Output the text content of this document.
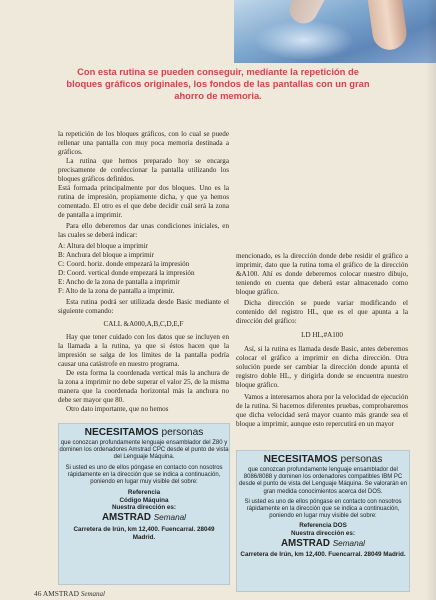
Con esta rutina se pueden conseguir, mediante la repetición de bloques gráficos originales, los fondos de las pantallas con un gran ahorro de memoria.

la repetición de los bloques gráficos, con lo cual se puede rellenar una pantalla con muy poca memoria destinada a gráficos.

La rutina que hemos preparado hoy se encarga precisamente de confeccionar la pantalla utilizando los bloques gráficos definidos.

Está formada principalmente por dos bloques. Uno es la rutina de impresión, propiamente dicha, y que ya hemos comentado. El otro es el que debe decidir cuál será la zona de pantalla a imprimir.

Para ello deberemos dar unas condiciones iniciales, en las cuales se deberá indicar:

A: Altura del bloque a imprimir
B: Anchura del bloque a imprimir
C: Coord. horiz. donde empezará la impresión
D: Coord. vertical donde empezará la impresión
E: Ancho de la zona de pantalla a imprimir
F: Alto de la zona de pantalla a imprimir.

Esta rutina podrá ser utilizada desde Basic mediante el siguiente comando:

CALL &A000,A,B,C,D,E,F

Hay que tener cuidado con los datos que se incluyen en la llamada a la rutina, ya que si éstos hacen que la impresión se salga de los límites de la pantalla podría causar una catástrofe en nuestro programa.

De esta forma la coordenada vertical más la anchura de la zona a imprimir no debe superar el valor 25, de la misma manera que la coordenada horizontal más la anchura no debe ser mayor que 80.

Otro dato importante, que no hemos

mencionado, es la dirección donde debe residir el gráfico a imprimir, dato que la rutina toma el gráfico de la dirección &A100. Ahí es donde deberemos colocar nuestro dibujo, teniendo en cuenta que deberá estar almacenado como bloque gráfico.

Dicha dirección se puede variar modificando el contenido del registro HL, que es el que apunta a la dirección del gráfico:

LD HL,#A100

Así, si la rutina es llamada desde Basic, antes deberemos colocar el gráfico a imprimir en dicha dirección. Otra solución puede ser cambiar la dirección donde apunta el registro doble HL, y dirigirla donde se encuentra nuestro bloque gráfico.

Vamos a interesarnos ahora por la velocidad de ejecución de la rutina. Si hacemos diferentes pruebas, comprobaremos que dicha velocidad será mayor cuanto más grande sea el bloque a imprimir, aunque esto repercutirá en un mayor

NECESITAMOS personas

que conozcan profundamente lenguaje ensamblador del Z80 y dominen los ordenadores Amstrad CPC desde el punto de vista del Lenguaje Máquina.

Si usted es uno de ellos póngase en contacto con nosotros rápidamente en la dirección que se indica a continuación, poniendo en lugar muy visible del sobre:

Referencia

Código Máquina

Nuestra dirección es:

AMSTRAD Semanal

Carretera de Irún, km 12,400. Fuencarral. 28049 Madrid.

NECESITAMOS personas

que conozcan profundamente lenguaje ensamblador del 8086/8088 y dominen los ordenadores compatibles IBM PC desde el punto de vista del Lenguaje Máquina. Se valorarán en gran medida conocimientos acerca del DOS.

Si usted es uno de ellos póngase en contacto con nosotros rápidamente en la dirección que se indica a continuación, poniendo en lugar muy visible del sobre:

Referencia DOS

Nuestra dirección es:

AMSTRAD Semanal

Carretera de Irún, km 12,400. Fuencarral. 28049 Madrid.

46 AMSTRAD Semanal
